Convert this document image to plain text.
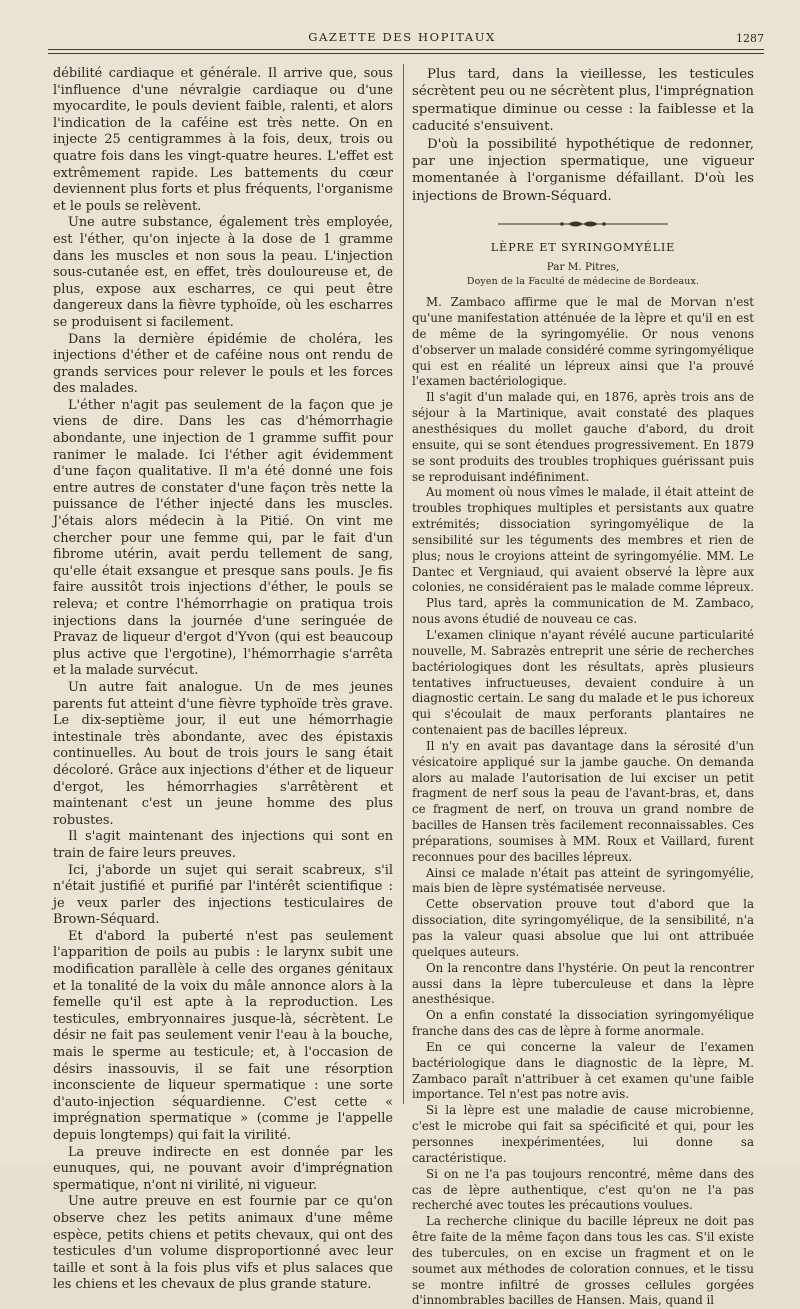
GAZETTE DES HOPITAUX	1287

débilité cardiaque et générale. Il arrive que, sous l'influence d'une névralgie cardiaque ou d'une myocardite, le pouls devient faible, ralenti, et alors l'indication de la caféine est très nette. On en injecte 25 centigrammes à la fois, deux, trois ou quatre fois dans les vingt-quatre heures. L'effet est extrêmement rapide. Les battements du cœur deviennent plus forts et plus fréquents, l'organisme et le pouls se relèvent.

Une autre substance, également très employée, est l'éther, qu'on injecte à la dose de 1 gramme dans les muscles et non sous la peau. L'injection sous-cutanée est, en effet, très douloureuse et, de plus, expose aux escharres, ce qui peut être dangereux dans la fièvre typhoïde, où les escharres se produisent si facilement.

Dans la dernière épidémie de choléra, les injections d'éther et de caféine nous ont rendu de grands services pour relever le pouls et les forces des malades.

L'éther n'agit pas seulement de la façon que je viens de dire. Dans les cas d'hémorrhagie abondante, une injection de 1 gramme suffit pour ranimer le malade. Ici l'éther agit évidemment d'une façon qualitative. Il m'a été donné une fois entre autres de constater d'une façon très nette la puissance de l'éther injecté dans les muscles. J'étais alors médecin à la Pitié. On vint me chercher pour une femme qui, par le fait d'un fibrome utérin, avait perdu tellement de sang, qu'elle était exsangue et presque sans pouls. Je fis faire aussitôt trois injections d'éther, le pouls se releva; et contre l'hémorrhagie on pratiqua trois injections dans la journée d'une seringuée de Pravaz de liqueur d'ergot d'Yvon (qui est beaucoup plus active que l'ergotine), l'hémorrhagie s'arrêta et la malade survécut.

Un autre fait analogue. Un de mes jeunes parents fut atteint d'une fièvre typhoïde très grave. Le dix-septième jour, il eut une hémorrhagie intestinale très abondante, avec des épistaxis continuelles. Au bout de trois jours le sang était décoloré. Grâce aux injections d'éther et de liqueur d'ergot, les hémorrhagies s'arrêtèrent et maintenant c'est un jeune homme des plus robustes.

Il s'agit maintenant des injections qui sont en train de faire leurs preuves.

Ici, j'aborde un sujet qui serait scabreux, s'il n'était justifié et purifié par l'intérêt scientifique : je veux parler des injections testiculaires de Brown-Séquard.

Et d'abord la puberté n'est pas seulement l'apparition de poils au pubis : le larynx subit une modification parallèle à celle des organes génitaux et la tonalité de la voix du mâle annonce alors à la femelle qu'il est apte à la reproduction. Les testicules, embryonnaires jusque-là, sécrètent. Le désir ne fait pas seulement venir l'eau à la bouche, mais le sperme au testicule; et, à l'occasion de désirs inassouvis, il se fait une résorption inconsciente de liqueur spermatique : une sorte d'auto-injection séquardienne. C'est cette « imprégnation spermatique » (comme je l'appelle depuis longtemps) qui fait la virilité.

La preuve indirecte en est donnée par les eunuques, qui, ne pouvant avoir d'imprégnation spermatique, n'ont ni virilité, ni vigueur.

Une autre preuve en est fournie par ce qu'on observe chez les petits animaux d'une même espèce, petits chiens et petits chevaux, qui ont des testicules d'un volume disproportionné avec leur taille et sont à la fois plus vifs et plus salaces que les chiens et les chevaux de plus grande stature.

Plus tard, dans la vieillesse, les testicules sécrètent peu ou ne sécrètent plus, l'imprégnation spermatique diminue ou cesse : la faiblesse et la caducité s'ensuivent.

D'où la possibilité hypothétique de redonner, par une injection spermatique, une vigueur momentanée à l'organisme défaillant. D'où les injections de Brown-Séquard.

LÈPRE ET SYRINGOMYÉLIE
Par M. Pitres,
Doyen de la Faculté de médecine de Bordeaux.

M. Zambaco affirme que le mal de Morvan n'est qu'une manifestation atténuée de la lèpre et qu'il en est de même de la syringomyélie. Or nous venons d'observer un malade considéré comme syringomyélique qui est en réalité un lépreux ainsi que l'a prouvé l'examen bactériologique.

Il s'agit d'un malade qui, en 1876, après trois ans de séjour à la Martinique, avait constaté des plaques anesthésiques du mollet gauche d'abord, du droit ensuite, qui se sont étendues progressivement. En 1879 se sont produits des troubles trophiques guérissant puis se reproduisant indéfiniment.

Au moment où nous vîmes le malade, il était atteint de troubles trophiques multiples et persistants aux quatre extrémités; dissociation syringomyélique de la sensibilité sur les téguments des membres et rien de plus; nous le croyions atteint de syringomyélie. MM. Le Dantec et Vergniaud, qui avaient observé la lèpre aux colonies, ne considéraient pas le malade comme lépreux.

Plus tard, après la communication de M. Zambaco, nous avons étudié de nouveau ce cas.

L'examen clinique n'ayant révélé aucune particularité nouvelle, M. Sabrazès entreprit une série de recherches bactériologiques dont les résultats, après plusieurs tentatives infructueuses, devaient conduire à un diagnostic certain. Le sang du malade et le pus ichoreux qui s'écoulait de maux perforants plantaires ne contenaient pas de bacilles lépreux.

Il n'y en avait pas davantage dans la sérosité d'un vésicatoire appliqué sur la jambe gauche. On demanda alors au malade l'autorisation de lui exciser un petit fragment de nerf sous la peau de l'avant-bras, et, dans ce fragment de nerf, on trouva un grand nombre de bacilles de Hansen très facilement reconnaissables. Ces préparations, soumises à MM. Roux et Vaillard, furent reconnues pour des bacilles lépreux.

Ainsi ce malade n'était pas atteint de syringomyélie, mais bien de lèpre systématisée nerveuse.

Cette observation prouve tout d'abord que la dissociation, dite syringomyélique, de la sensibilité, n'a pas la valeur quasi absolue que lui ont attribuée quelques auteurs.

On la rencontre dans l'hystérie. On peut la rencontrer aussi dans la lèpre tuberculeuse et dans la lèpre anesthésique.

On a enfin constaté la dissociation syringomyélique franche dans des cas de lèpre à forme anormale.

En ce qui concerne la valeur de l'examen bactériologique dans le diagnostic de la lèpre, M. Zambaco paraît n'attribuer à cet examen qu'une faible importance. Tel n'est pas notre avis.

Si la lèpre est une maladie de cause microbienne, c'est le microbe qui fait sa spécificité et qui, pour les personnes inexpérimentées, lui donne sa caractéristique.

Si on ne l'a pas toujours rencontré, même dans des cas de lèpre authentique, c'est qu'on ne l'a pas recherché avec toutes les précautions voulues.

La recherche clinique du bacille lépreux ne doit pas être faite de la même façon dans tous les cas. S'il existe des tubercules, on en excise un fragment et on le soumet aux méthodes de coloration connues, et le tissu se montre infiltré de grosses cellules gorgées d'innombrables bacilles de Hansen. Mais, quand il
